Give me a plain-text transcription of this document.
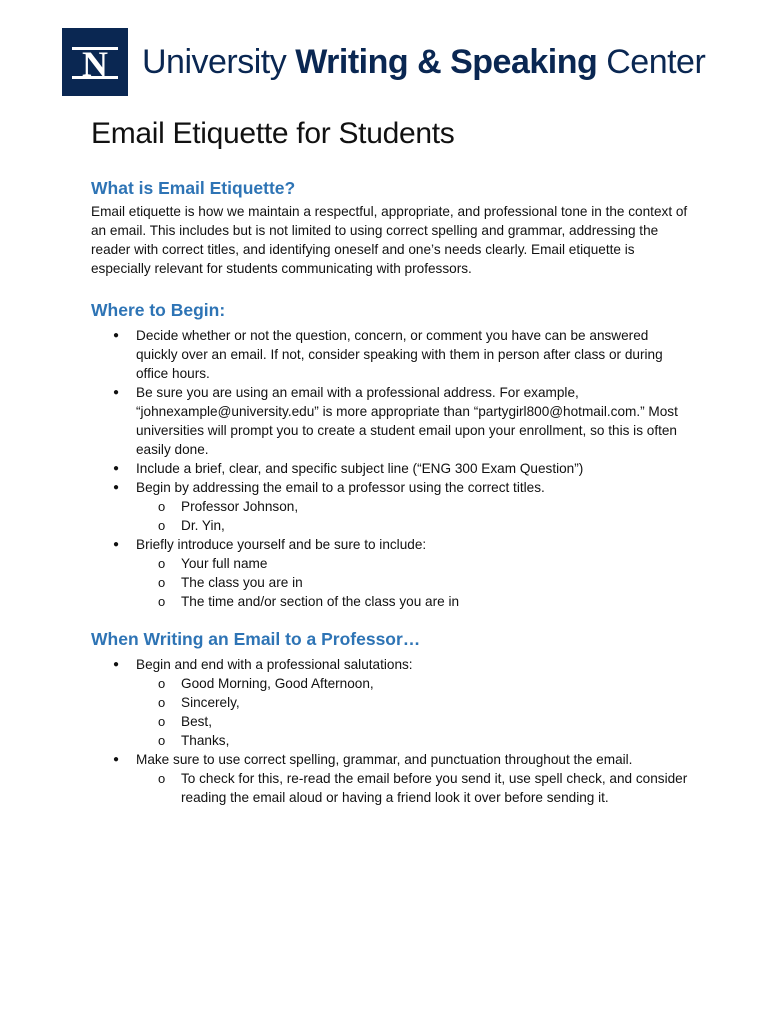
N University Writing & Speaking Center
Email Etiquette for Students
What is Email Etiquette?

Email etiquette is how we maintain a respectful, appropriate, and professional tone in the context of an email. This includes but is not limited to using correct spelling and grammar, addressing the reader with correct titles, and identifying oneself and one’s needs clearly. Email etiquette is especially relevant for students communicating with professors.

Where to Begin:
● Decide whether or not the question, concern, or comment you have can be answered quickly over an email. If not, consider speaking with them in person after class or during office hours.
● Be sure you are using an email with a professional address. For example, “johnexample@university.edu” is more appropriate than “partygirl800@hotmail.com.” Most universities will prompt you to create a student email upon your enrollment, so this is often easily done.
● Include a brief, clear, and specific subject line (“ENG 300 Exam Question”)
● Begin by addressing the email to a professor using the correct titles.
o Professor Johnson,
o Dr. Yin,
● Briefly introduce yourself and be sure to include:
o Your full name
o The class you are in
o The time and/or section of the class you are in
When Writing an Email to a Professor…
● Begin and end with a professional salutations:
o Good Morning, Good Afternoon,
o Sincerely,
o Best,
o Thanks,
● Make sure to use correct spelling, grammar, and punctuation throughout the email.
o To check for this, re-read the email before you send it, use spell check, and consider reading the email aloud or having a friend look it over before sending it.
